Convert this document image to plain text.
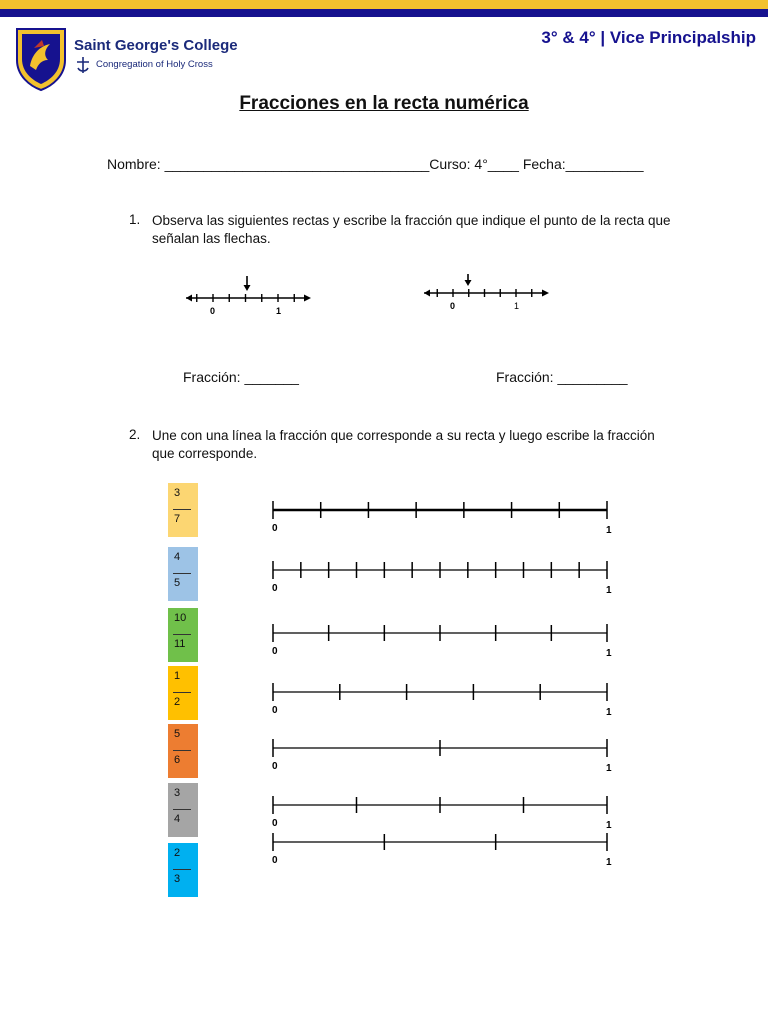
Saint George's College
Congregation of Holy Cross
3° & 4° | Vice Principalship
Fracciones en la recta numérica
Nombre: __________________________________Curso: 4°____ Fecha:__________
1. Observa las siguientes rectas y escribe la fracción que indique el punto de la recta que señalan las flechas.
0	1	0	1
Fracción: _______	Fracción: _________
2. Une con una línea la fracción que corresponde a su recta y luego escribe la fracción que corresponde.
3
7
4
5
10
11
1
2
5
6
3
4
2
3
0	1
0	1
0	1
0	1
0	1
0	1
0	1
